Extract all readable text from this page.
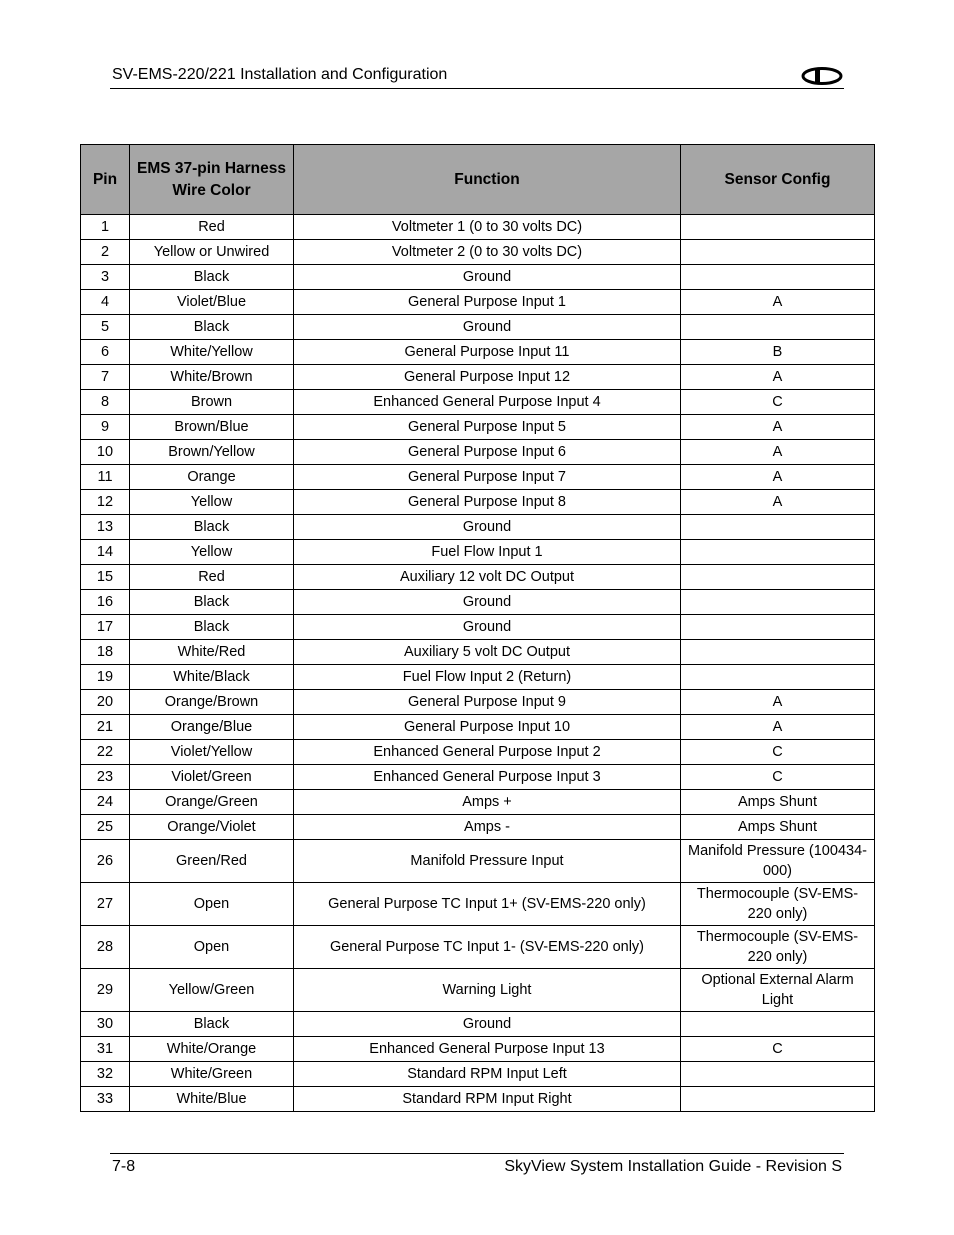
SV-EMS-220/221 Installation and Configuration
Pin	EMS 37-pin Harness Wire Color	Function	Sensor Config
1	Red	Voltmeter 1 (0 to 30 volts DC)	
2	Yellow or Unwired	Voltmeter 2 (0 to 30 volts DC)	
3	Black	Ground	
4	Violet/Blue	General Purpose Input 1	A
5	Black	Ground	
6	White/Yellow	General Purpose Input 11	B
7	White/Brown	General Purpose Input 12	A
8	Brown	Enhanced General Purpose Input 4	C
9	Brown/Blue	General Purpose Input 5	A
10	Brown/Yellow	General Purpose Input 6	A
11	Orange	General Purpose Input 7	A
12	Yellow	General Purpose Input 8	A
13	Black	Ground	
14	Yellow	Fuel Flow Input 1	
15	Red	Auxiliary 12 volt DC Output	
16	Black	Ground	
17	Black	Ground	
18	White/Red	Auxiliary 5 volt DC Output	
19	White/Black	Fuel Flow Input 2 (Return)	
20	Orange/Brown	General Purpose Input 9	A
21	Orange/Blue	General Purpose Input 10	A
22	Violet/Yellow	Enhanced General Purpose Input 2	C
23	Violet/Green	Enhanced General Purpose Input 3	C
24	Orange/Green	Amps +	Amps Shunt
25	Orange/Violet	Amps -	Amps Shunt
26	Green/Red	Manifold Pressure Input	Manifold Pressure (100434-000)
27	Open	General Purpose TC Input 1+ (SV-EMS-220 only)	Thermocouple (SV-EMS-220 only)
28	Open	General Purpose TC Input 1- (SV-EMS-220 only)	Thermocouple (SV-EMS-220 only)
29	Yellow/Green	Warning Light	Optional External Alarm Light
30	Black	Ground	
31	White/Orange	Enhanced General Purpose Input 13	C
32	White/Green	Standard RPM Input Left	
33	White/Blue	Standard RPM Input Right	
7-8	SkyView System Installation Guide - Revision S
